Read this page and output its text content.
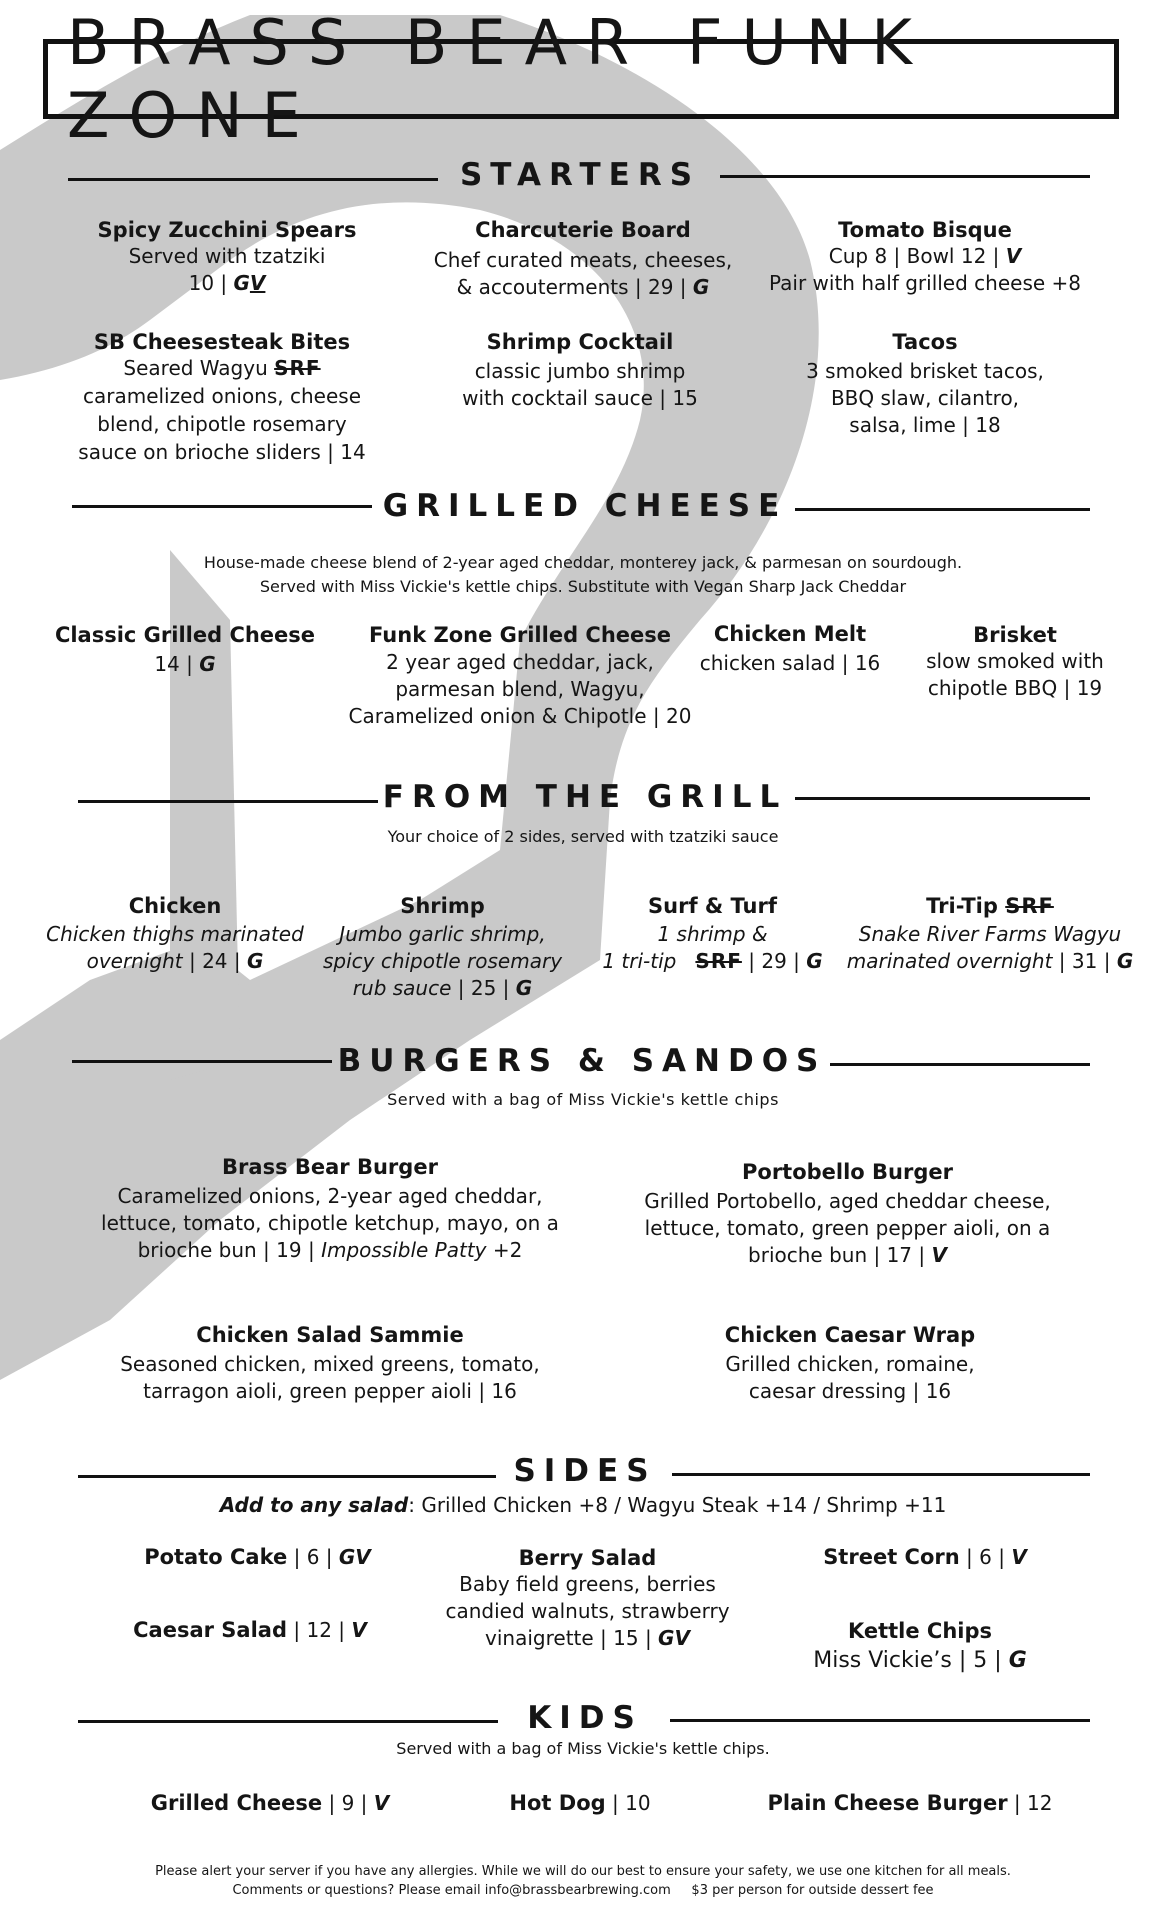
BRASS BEAR FUNK ZONE
STARTERS
Spicy Zucchini Spears
Served with tzatziki
10 | GV
Charcuterie Board
Chef curated meats, cheeses,
& accouterments | 29 | G
Tomato Bisque
Cup 8 | Bowl 12 | V
Pair with half grilled cheese +8
SB Cheesesteak Bites
Seared Wagyu SRF
caramelized onions, cheese
blend, chipotle rosemary
sauce on brioche sliders | 14
Shrimp Cocktail
classic jumbo shrimp
with cocktail sauce | 15
Tacos
3 smoked brisket tacos,
BBQ slaw, cilantro,
salsa, lime | 18
GRILLED CHEESE
House-made cheese blend of 2-year aged cheddar, monterey jack, & parmesan on sourdough.
Served with Miss Vickie's kettle chips. Substitute with Vegan Sharp Jack Cheddar
Classic Grilled Cheese
14 | G
Funk Zone Grilled Cheese
2 year aged cheddar, jack,
parmesan blend, Wagyu,
Caramelized onion & Chipotle | 20
Chicken Melt
chicken salad | 16
Brisket
slow smoked with
chipotle BBQ | 19
FROM THE GRILL
Your choice of 2 sides, served with tzatziki sauce
Chicken
Chicken thighs marinated
overnight | 24 | G
Shrimp
Jumbo garlic shrimp,
spicy chipotle rosemary
rub sauce | 25 | G
Surf & Turf
1 shrimp &
1 tri-tip SRF | 29 | G
Tri-Tip SRF
Snake River Farms Wagyu
marinated overnight | 31 | G
BURGERS & SANDOS
Served with a bag of Miss Vickie's kettle chips
Brass Bear Burger
Caramelized onions, 2-year aged cheddar,
lettuce, tomato, chipotle ketchup, mayo, on a
brioche bun | 19 | Impossible Patty +2
Portobello Burger
Grilled Portobello, aged cheddar cheese,
lettuce, tomato, green pepper aioli, on a
brioche bun | 17 | V
Chicken Salad Sammie
Seasoned chicken, mixed greens, tomato,
tarragon aioli, green pepper aioli | 16
Chicken Caesar Wrap
Grilled chicken, romaine,
caesar dressing | 16
SIDES
Add to any salad: Grilled Chicken +8 / Wagyu Steak +14 / Shrimp +11
Potato Cake | 6 | GV
Caesar Salad | 12 | V
Berry Salad
Baby field greens, berries
candied walnuts, strawberry
vinaigrette | 15 | GV
Street Corn | 6 | V
Kettle Chips
Miss Vickie’s | 5 | G
KIDS
Served with a bag of Miss Vickie's kettle chips.
Grilled Cheese | 9 | V	Hot Dog | 10	Plain Cheese Burger | 12
Please alert your server if you have any allergies. While we will do our best to ensure your safety, we use one kitchen for all meals.
Comments or questions? Please email info@brassbearbrewing.com     $3 per person for outside dessert fee
